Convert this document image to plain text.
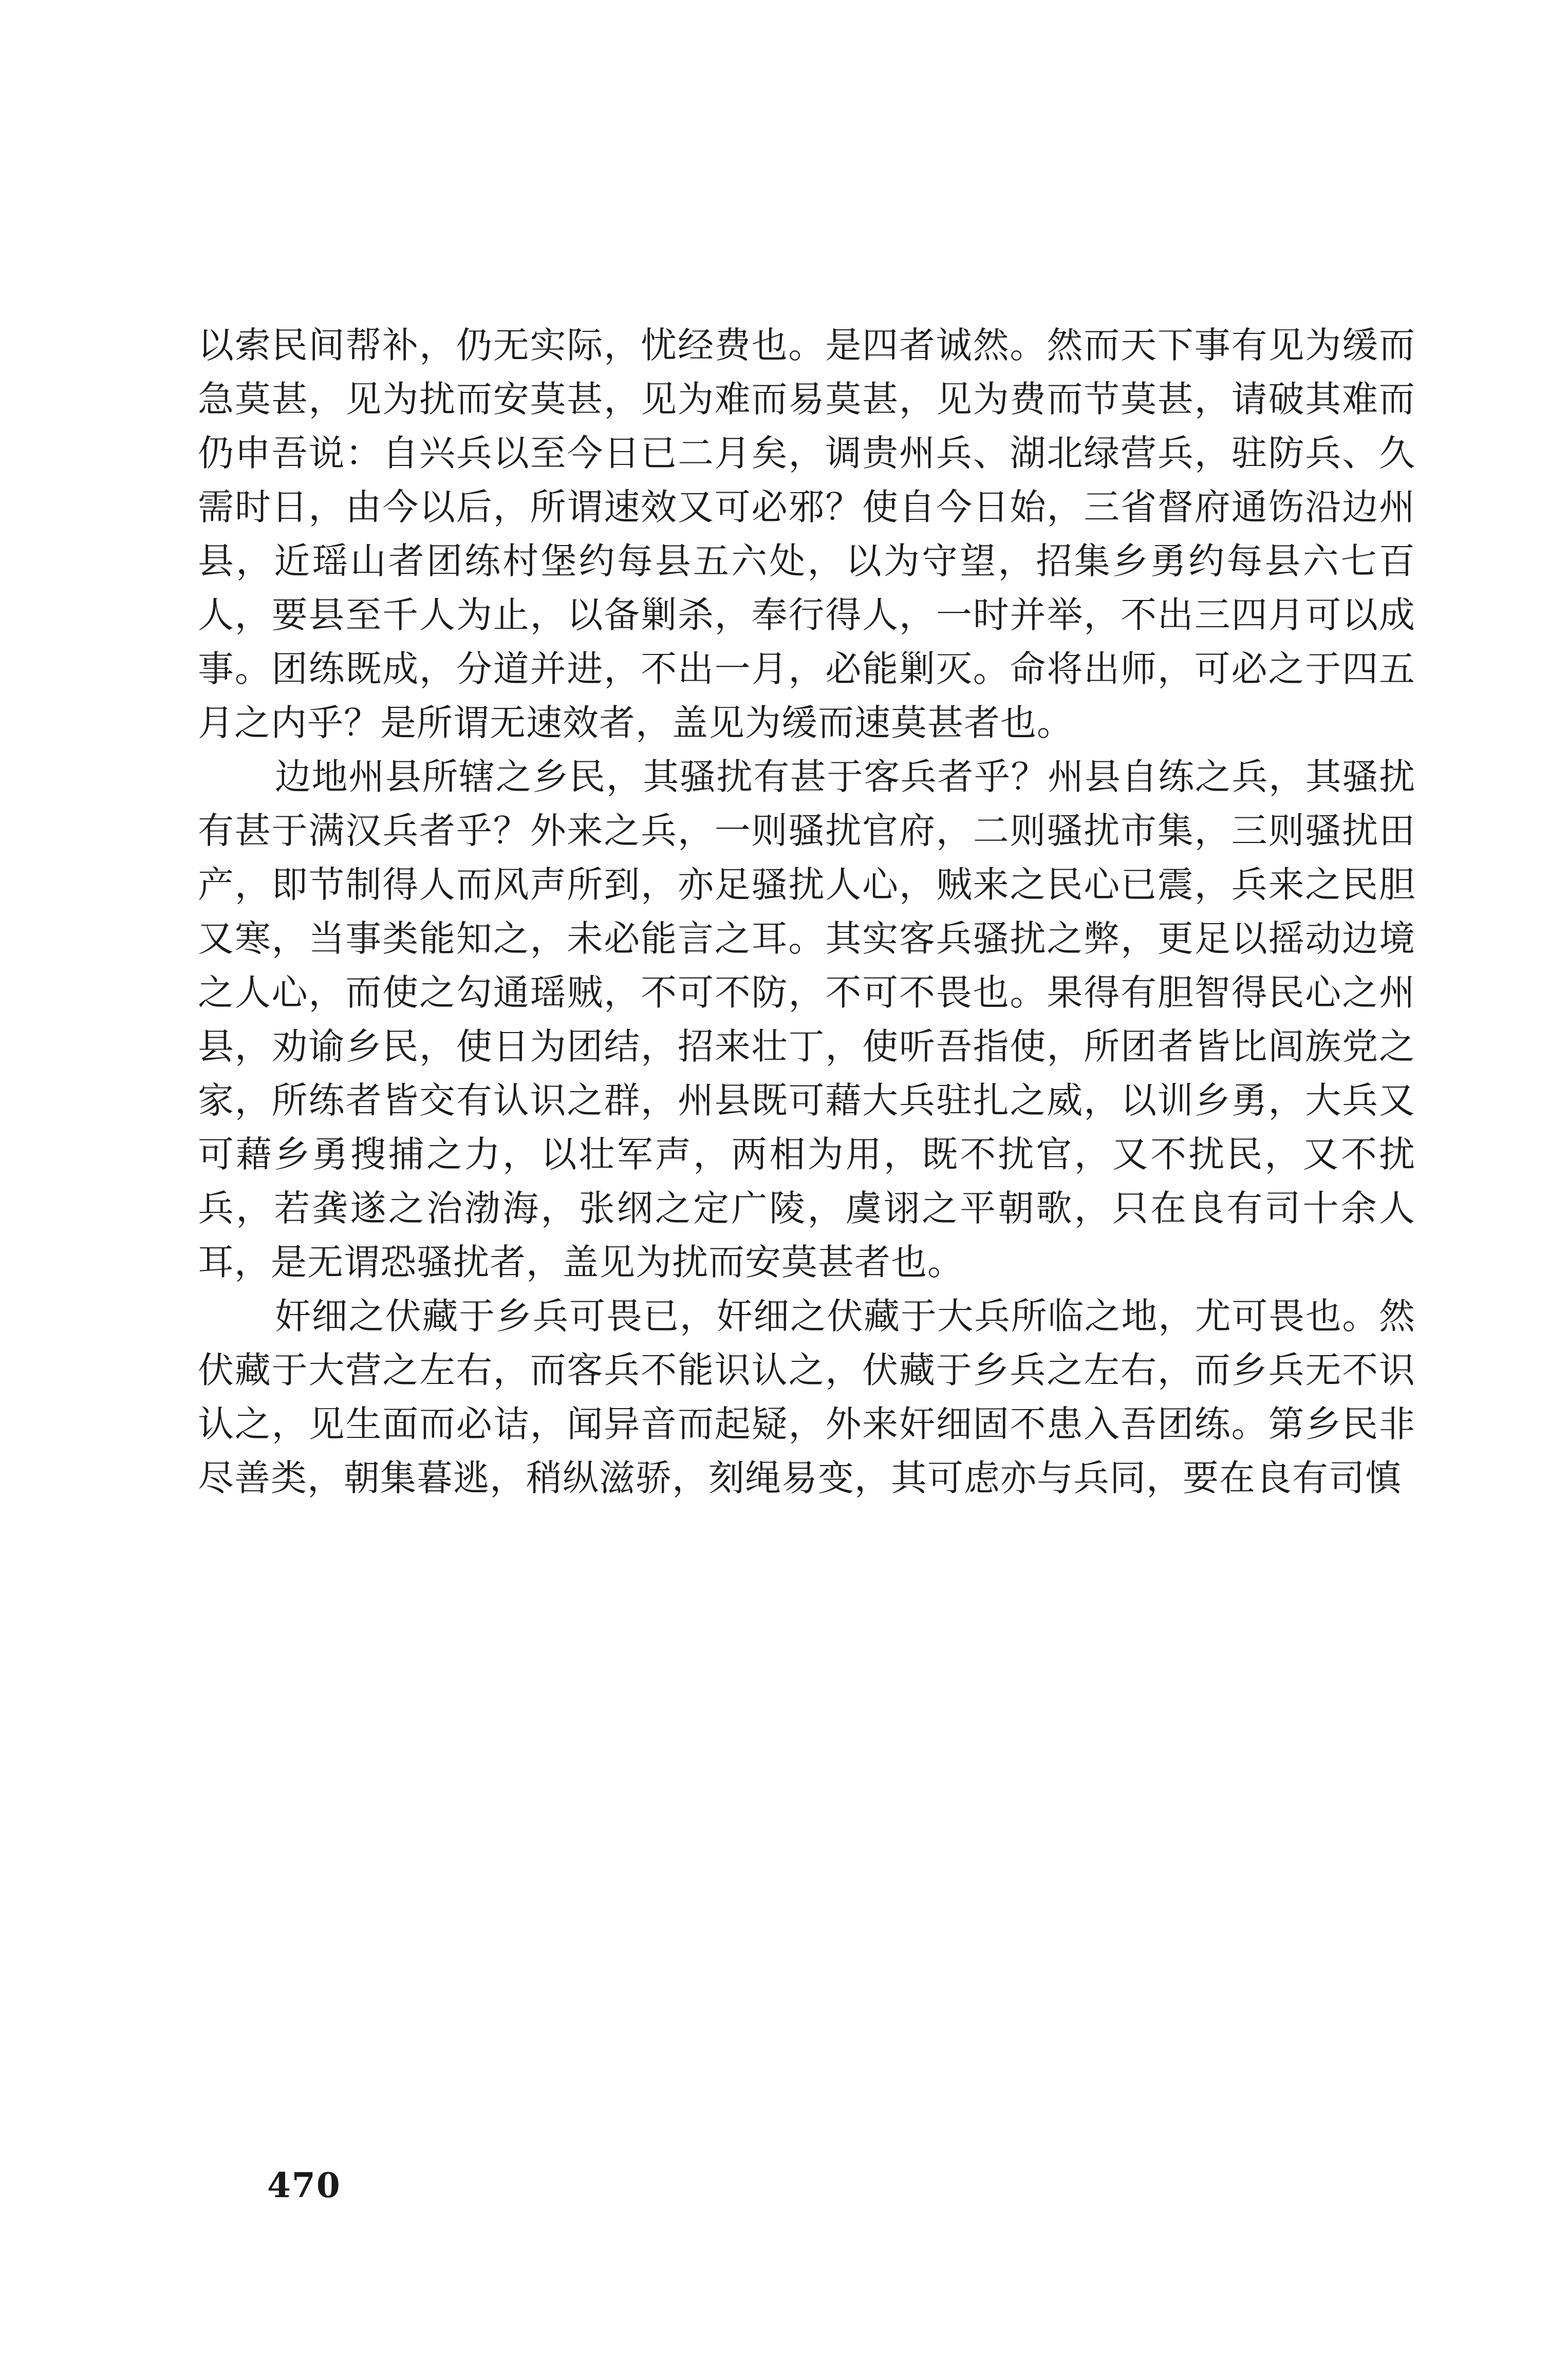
以索民间帮补，仍无实际，忧经费也。是四者诚然。然而天下事有见为缓而急莫甚，见为扰而安莫甚，见为难而易莫甚，见为费而节莫甚，请破其难而仍申吾说：自兴兵以至今日已二月矣，调贵州兵、湖北绿营兵，驻防兵、久需时日，由今以后，所谓速效又可必邪？使自今日始，三省督府通饬沿边州县，近瑶山者团练村堡约每县五六处，以为守望，招集乡勇约每县六七百人，要县至千人为止，以备剿杀，奉行得人，一时并举，不出三四月可以成事。团练既成，分道并进，不出一月，必能剿灭。命将出师，可必之于四五月之内乎？是所谓无速效者，盖见为缓而速莫甚者也。

边地州县所辖之乡民，其骚扰有甚于客兵者乎？州县自练之兵，其骚扰有甚于满汉兵者乎？外来之兵，一则骚扰官府，二则骚扰市集，三则骚扰田产，即节制得人而风声所到，亦足骚扰人心，贼来之民心已震，兵来之民胆又寒，当事类能知之，未必能言之耳。其实客兵骚扰之弊，更足以摇动边境之人心，而使之勾通瑶贼，不可不防，不可不畏也。果得有胆智得民心之州县，劝谕乡民，使日为团结，招来壮丁，使听吾指使，所团者皆比闾族党之家，所练者皆交有认识之群，州县既可藉大兵驻扎之威，以训乡勇，大兵又可藉乡勇搜捕之力，以壮军声，两相为用，既不扰官，又不扰民，又不扰兵，若龚遂之治渤海，张纲之定广陵，虞诩之平朝歌，只在良有司十余人耳，是无谓恐骚扰者，盖见为扰而安莫甚者也。

奸细之伏藏于乡兵可畏已，奸细之伏藏于大兵所临之地，尤可畏也。然伏藏于大营之左右，而客兵不能识认之，伏藏于乡兵之左右，而乡兵无不识认之，见生面而必诘，闻异音而起疑，外来奸细固不患入吾团练。第乡民非尽善类，朝集暮逃，稍纵滋骄，刻绳易变，其可虑亦与兵同，要在良有司慎

470
